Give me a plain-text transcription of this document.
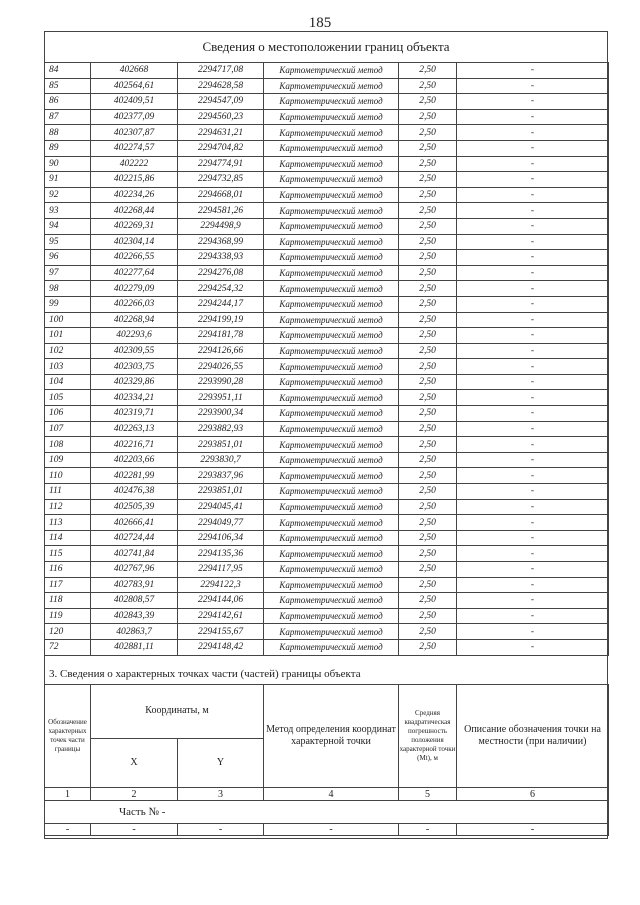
185
Сведения о местоположении границ объекта
84	402668	2294717,08	Картометрический метод	2,50	-
85	402564,61	2294628,58	Картометрический метод	2,50	-
86	402409,51	2294547,09	Картометрический метод	2,50	-
87	402377,09	2294560,23	Картометрический метод	2,50	-
88	402307,87	2294631,21	Картометрический метод	2,50	-
89	402274,57	2294704,82	Картометрический метод	2,50	-
90	402222	2294774,91	Картометрический метод	2,50	-
91	402215,86	2294732,85	Картометрический метод	2,50	-
92	402234,26	2294668,01	Картометрический метод	2,50	-
93	402268,44	2294581,26	Картометрический метод	2,50	-
94	402269,31	2294498,9	Картометрический метод	2,50	-
95	402304,14	2294368,99	Картометрический метод	2,50	-
96	402266,55	2294338,93	Картометрический метод	2,50	-
97	402277,64	2294276,08	Картометрический метод	2,50	-
98	402279,09	2294254,32	Картометрический метод	2,50	-
99	402266,03	2294244,17	Картометрический метод	2,50	-
100	402268,94	2294199,19	Картометрический метод	2,50	-
101	402293,6	2294181,78	Картометрический метод	2,50	-
102	402309,55	2294126,66	Картометрический метод	2,50	-
103	402303,75	2294026,55	Картометрический метод	2,50	-
104	402329,86	2293990,28	Картометрический метод	2,50	-
105	402334,21	2293951,11	Картометрический метод	2,50	-
106	402319,71	2293900,34	Картометрический метод	2,50	-
107	402263,13	2293882,93	Картометрический метод	2,50	-
108	402216,71	2293851,01	Картометрический метод	2,50	-
109	402203,66	2293830,7	Картометрический метод	2,50	-
110	402281,99	2293837,96	Картометрический метод	2,50	-
111	402476,38	2293851,01	Картометрический метод	2,50	-
112	402505,39	2294045,41	Картометрический метод	2,50	-
113	402666,41	2294049,77	Картометрический метод	2,50	-
114	402724,44	2294106,34	Картометрический метод	2,50	-
115	402741,84	2294135,36	Картометрический метод	2,50	-
116	402767,96	2294117,95	Картометрический метод	2,50	-
117	402783,91	2294122,3	Картометрический метод	2,50	-
118	402808,57	2294144,06	Картометрический метод	2,50	-
119	402843,39	2294142,61	Картометрический метод	2,50	-
120	402863,7	2294155,67	Картометрический метод	2,50	-
72	402881,11	2294148,42	Картометрический метод	2,50	-
3. Сведения о характерных точках части (частей) границы объекта
Обозначение характерных точек части границы	Координаты, м		Метод определения координат характерной точки	Средняя квадратическая погрешность положения характерной точки (Mt), м	Описание обозначения точки на местности (при наличии)
	X	Y			
1	2	3	4	5	6
Часть № -					
-	-	-	-	-	-
